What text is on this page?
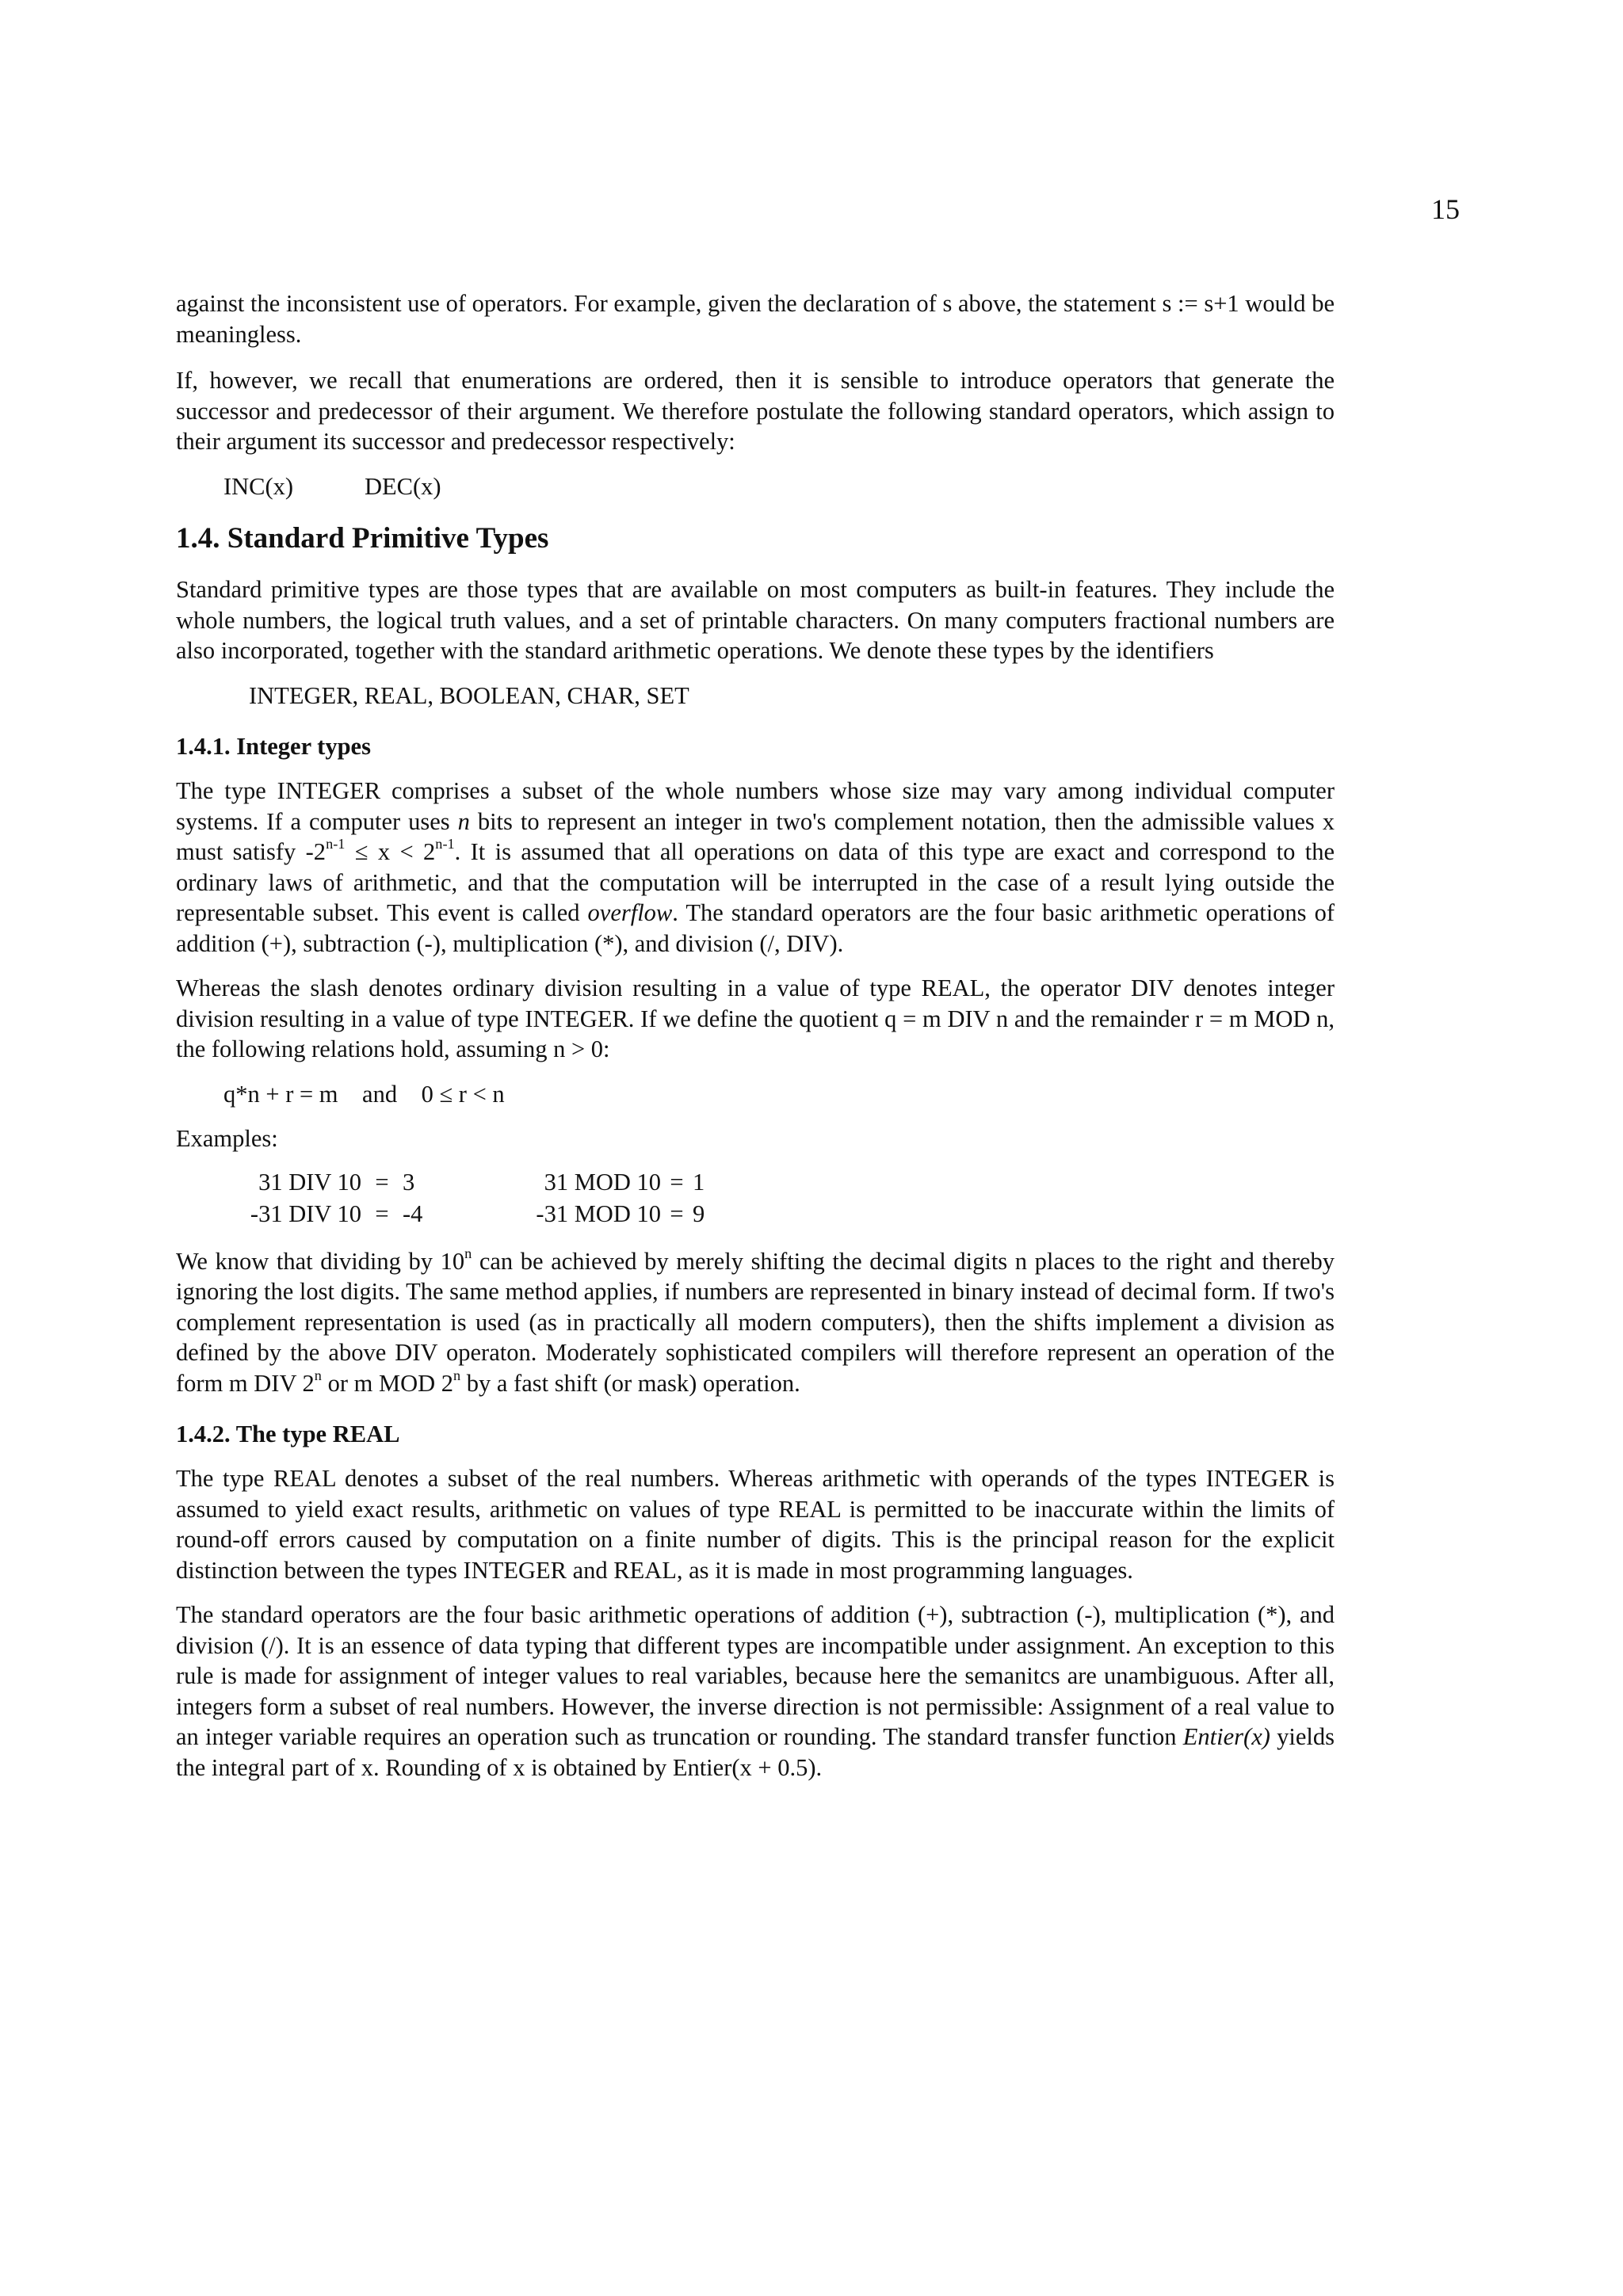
15

against the inconsistent use of operators. For example, given the declaration of s above, the statement s := s+1 would be meaningless.

If, however, we recall that enumerations are ordered, then it is sensible to introduce operators that generate the successor and predecessor of their argument. We therefore postulate the following standard operators, which assign to their argument its successor and predecessor respectively:

INC(x)	DEC(x)
1.4. Standard Primitive Types

Standard primitive types are those types that are available on most computers as built-in features. They include the whole numbers, the logical truth values, and a set of printable characters. On many computers fractional numbers are also incorporated, together with the standard arithmetic operations. We denote these types by the identifiers

INTEGER, REAL, BOOLEAN, CHAR, SET
1.4.1. Integer types

The type INTEGER comprises a subset of the whole numbers whose size may vary among individual computer systems. If a computer uses n bits to represent an integer in two's complement notation, then the admissible values x must satisfy $-2^{n-1} \le x < 2^{n-1}$. It is assumed that all operations on data of this type are exact and correspond to the ordinary laws of arithmetic, and that the computation will be interrupted in the case of a result lying outside the representable subset. This event is called overflow. The standard operators are the four basic arithmetic operations of addition (+), subtraction (-), multiplication (*), and division (/, DIV).

Whereas the slash denotes ordinary division resulting in a value of type REAL, the operator DIV denotes integer division resulting in a value of type INTEGER. If we define the quotient q = m DIV n and the remainder r = m MOD n, the following relations hold, assuming n > 0:

q*n + r = m    and    0 ≤ r < n
Examples:
31 DIV 10	=	3	31 MOD 10	=	1
-31 DIV 10	=	-4	-31 MOD 10	=	9

We know that dividing by 10$^n$ can be achieved by merely shifting the decimal digits n places to the right and thereby ignoring the lost digits. The same method applies, if numbers are represented in binary instead of decimal form. If two's complement representation is used (as in practically all modern computers), then the shifts implement a division as defined by the above DIV operaton. Moderately sophisticated compilers will therefore represent an operation of the form m DIV 2$^n$ or m MOD 2$^n$ by a fast shift (or mask) operation.

1.4.2. The type REAL

The type REAL denotes a subset of the real numbers. Whereas arithmetic with operands of the types INTEGER is assumed to yield exact results, arithmetic on values of type REAL is permitted to be inaccurate within the limits of round-off errors caused by computation on a finite number of digits. This is the principal reason for the explicit distinction between the types INTEGER and REAL, as it is made in most programming languages.

The standard operators are the four basic arithmetic operations of addition (+), subtraction (-), multiplication (*), and division (/). It is an essence of data typing that different types are incompatible under assignment. An exception to this rule is made for assignment of integer values to real variables, because here the semanitcs are unambiguous. After all, integers form a subset of real numbers. However, the inverse direction is not permissible: Assignment of a real value to an integer variable requires an operation such as truncation or rounding. The standard transfer function Entier(x) yields the integral part of x. Rounding of x is obtained by Entier(x + 0.5).
